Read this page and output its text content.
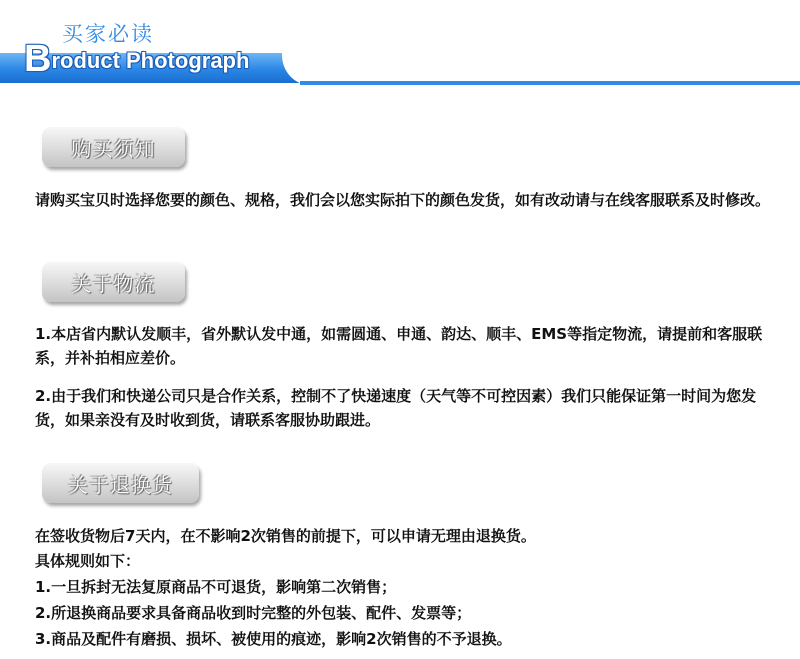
买家必读
Broduct Photograph
购买须知

请购买宝贝时选择您要的颜色、规格，我们会以您实际拍下的颜色发货，如有改动请与在线客服联系及时修改。

关于物流

1.本店省内默认发顺丰，省外默认发中通，如需圆通、申通、韵达、顺丰、EMS等指定物流，请提前和客服联系，并补拍相应差价。

2.由于我们和快递公司只是合作关系，控制不了快递速度（天气等不可控因素）我们只能保证第一时间为您发货，如果亲没有及时收到货，请联系客服协助跟进。

关于退换货

在签收货物后7天内，在不影响2次销售的前提下，可以申请无理由退换货。

具体规则如下：

1.一旦拆封无法复原商品不可退货，影响第二次销售；
2.所退换商品要求具备商品收到时完整的外包装、配件、发票等；
3.商品及配件有磨损、损坏、被使用的痕迹，影响2次销售的不予退换。
